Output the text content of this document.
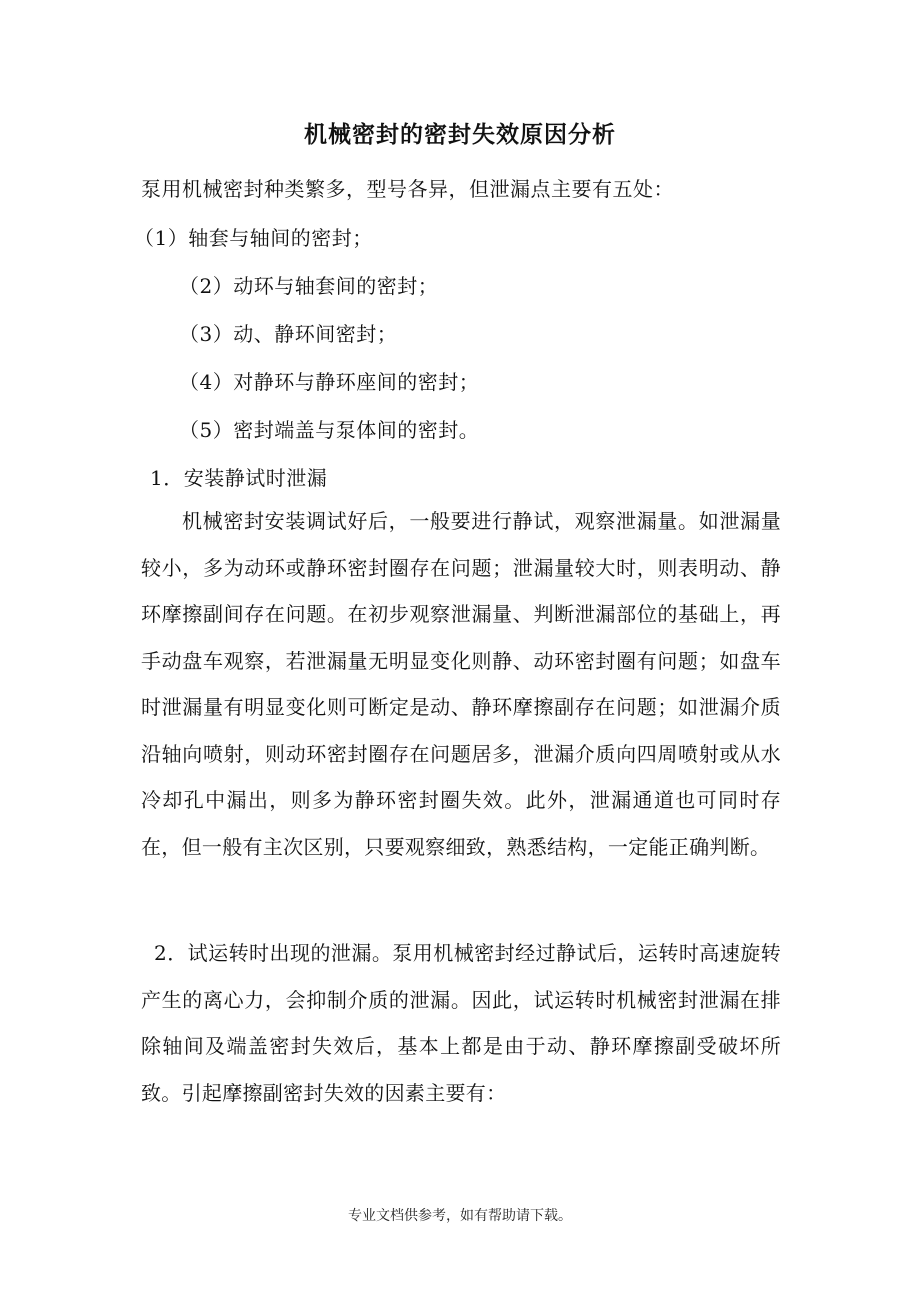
机械密封的密封失效原因分析
泵用机械密封种类繁多，型号各异，但泄漏点主要有五处：
（1）轴套与轴间的密封；
（2）动环与轴套间的密封；
（3）动、静环间密封；
（4）对静环与静环座间的密封；
（5）密封端盖与泵体间的密封。
1．安装静试时泄漏
机械密封安装调试好后，一般要进行静试，观察泄漏量。如泄漏量较小，多为动环或静环密封圈存在问题；泄漏量较大时，则表明动、静环摩擦副间存在问题。在初步观察泄漏量、判断泄漏部位的基础上，再手动盘车观察，若泄漏量无明显变化则静、动环密封圈有问题；如盘车时泄漏量有明显变化则可断定是动、静环摩擦副存在问题；如泄漏介质沿轴向喷射，则动环密封圈存在问题居多，泄漏介质向四周喷射或从水冷却孔中漏出，则多为静环密封圈失效。此外，泄漏通道也可同时存在，但一般有主次区别，只要观察细致，熟悉结构，一定能正确判断。
2．试运转时出现的泄漏。泵用机械密封经过静试后，运转时高速旋转产生的离心力，会抑制介质的泄漏。因此，试运转时机械密封泄漏在排除轴间及端盖密封失效后，基本上都是由于动、静环摩擦副受破坏所致。引起摩擦副密封失效的因素主要有：
专业文档供参考，如有帮助请下载。
